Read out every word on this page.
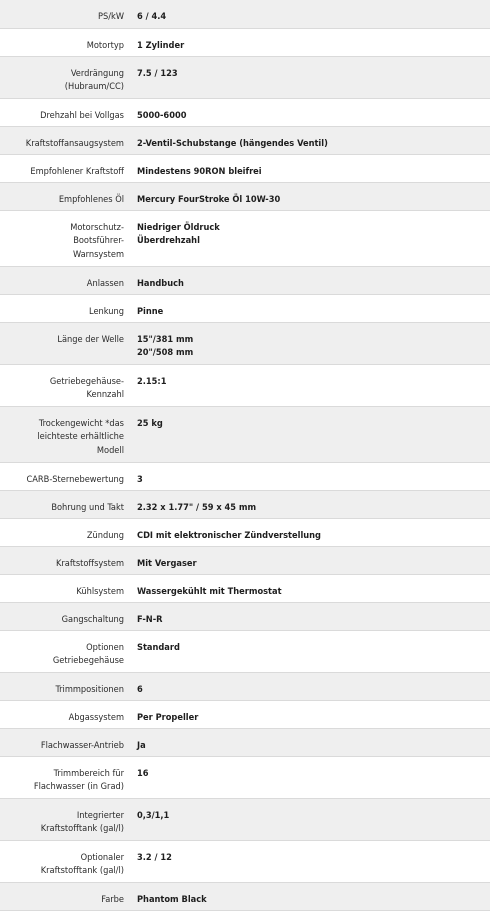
PS/kW	6 / 4.4

Motortyp	1 Zylinder

Verdrängung
(Hubraum/CC)	7.5 / 123

Drehzahl bei Vollgas	5000-6000

Kraftstoffansaugsystem	2-Ventil-Schubstange (hängendes Ventil)

Empfohlener Kraftstoff	Mindestens 90RON bleifrei

Empfohlenes Öl	Mercury FourStroke Öl 10W-30

Motorschutz-
Bootsführer-
Warnsystem	Niedriger Öldruck
Überdrehzahl

Anlassen	Handbuch

Lenkung	Pinne

Länge der Welle	15"/381 mm
20"/508 mm

Getriebegehäuse-
Kennzahl	2.15:1

Trockengewicht *das
leichteste erhältliche
Modell	25 kg

CARB-Sternebewertung	3

Bohrung und Takt	2.32 x 1.77" / 59 x 45 mm

Zündung	CDI mit elektronischer Zündverstellung

Kraftstoffsystem	Mit Vergaser

Kühlsystem	Wassergekühlt mit Thermostat

Gangschaltung	F-N-R

Optionen
Getriebegehäuse	Standard

Trimmpositionen	6

Abgassystem	Per Propeller

Flachwasser-Antrieb	Ja

Trimmbereich für
Flachwasser (in Grad)	16

Integrierter
Kraftstofftank (gal/l)	0,3/1,1

Optionaler
Kraftstofftank (gal/l)	3.2 / 12

Farbe	Phantom Black
